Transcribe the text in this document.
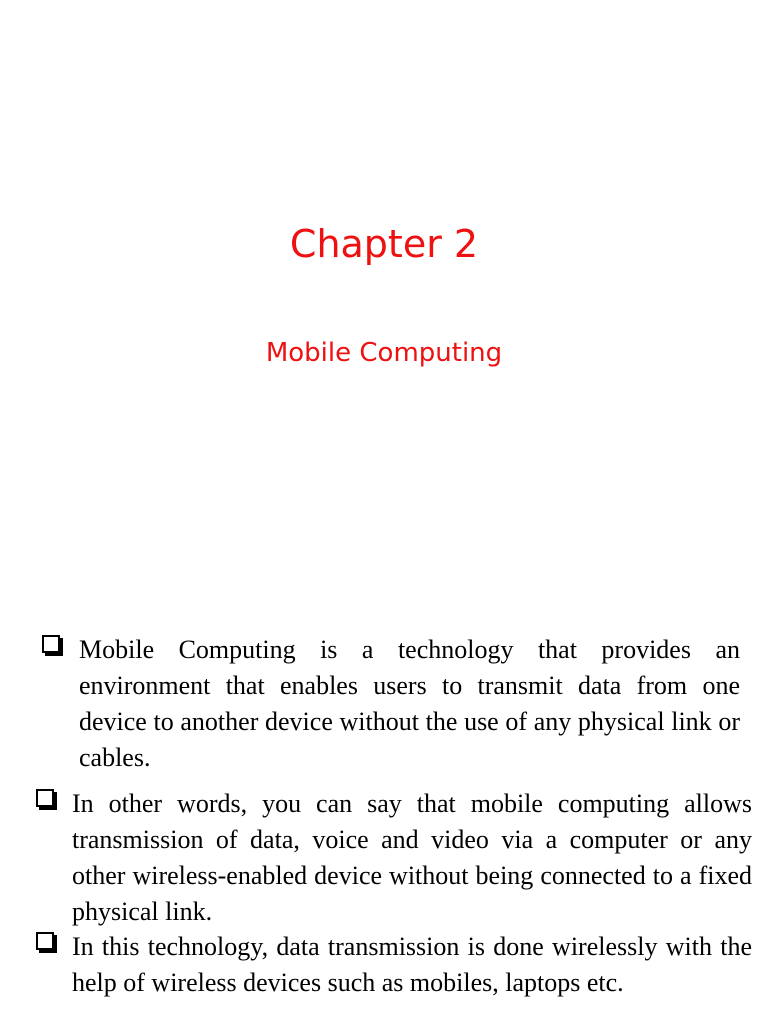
Chapter 2
Mobile Computing
Mobile Computing is a technology that provides an environment that enables users to transmit data from one device to another device without the use of any physical link or cables.
In other words, you can say that mobile computing allows transmission of data, voice and video via a computer or any other wireless-enabled device without being connected to a fixed physical link.
In this technology, data transmission is done wirelessly with the help of wireless devices such as mobiles, laptops etc.
